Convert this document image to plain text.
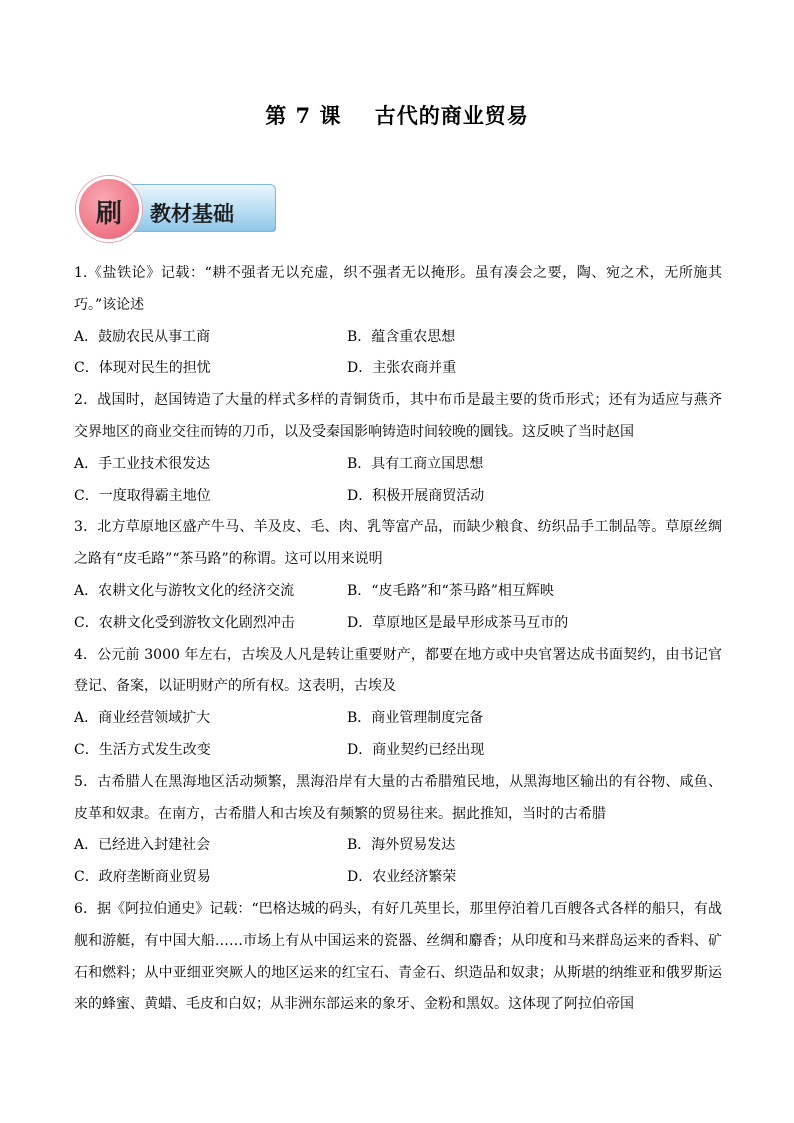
第 7 课    古代的商业贸易
教材基础
刷

1.《盐铁论》记载：“耕不强者无以充虚，织不强者无以掩形。虽有凑会之要，陶、宛之术，无所施其巧。”该论述

A．鼓励农民从事工商	B．蕴含重农思想
C．体现对民生的担忧	D．主张农商并重

2．战国时，赵国铸造了大量的样式多样的青铜货币，其中布币是最主要的货币形式；还有为适应与燕齐交界地区的商业交往而铸的刀币，以及受秦国影响铸造时间较晚的圜钱。这反映了当时赵国

A．手工业技术很发达	B．具有工商立国思想
C．一度取得霸主地位	D．积极开展商贸活动

3．北方草原地区盛产牛马、羊及皮、毛、肉、乳等富产品，而缺少粮食、纺织品手工制品等。草原丝绸之路有“皮毛路”“茶马路”的称谓。这可以用来说明

A．农耕文化与游牧文化的经济交流	B．“皮毛路”和“茶马路”相互辉映
C．农耕文化受到游牧文化剧烈冲击	D．草原地区是最早形成茶马互市的

4．公元前 3000 年左右，古埃及人凡是转让重要财产，都要在地方或中央官署达成书面契约，由书记官登记、备案，以证明财产的所有权。这表明，古埃及

A．商业经营领域扩大	B．商业管理制度完备
C．生活方式发生改变	D．商业契约已经出现

5．古希腊人在黑海地区活动频繁，黑海沿岸有大量的古希腊殖民地，从黑海地区输出的有谷物、咸鱼、皮革和奴隶。在南方，古希腊人和古埃及有频繁的贸易往来。据此推知，当时的古希腊

A．已经进入封建社会	B．海外贸易发达
C．政府垄断商业贸易	D．农业经济繁荣

6．据《阿拉伯通史》记载：“巴格达城的码头，有好几英里长，那里停泊着几百艘各式各样的船只，有战舰和游艇，有中国大船……市场上有从中国运来的瓷器、丝绸和麝香；从印度和马来群岛运来的香料、矿石和燃料；从中亚细亚突厥人的地区运来的红宝石、青金石、织造品和奴隶；从斯堪的纳维亚和俄罗斯运来的蜂蜜、黄蜡、毛皮和白奴；从非洲东部运来的象牙、金粉和黑奴。这体现了阿拉伯帝国
